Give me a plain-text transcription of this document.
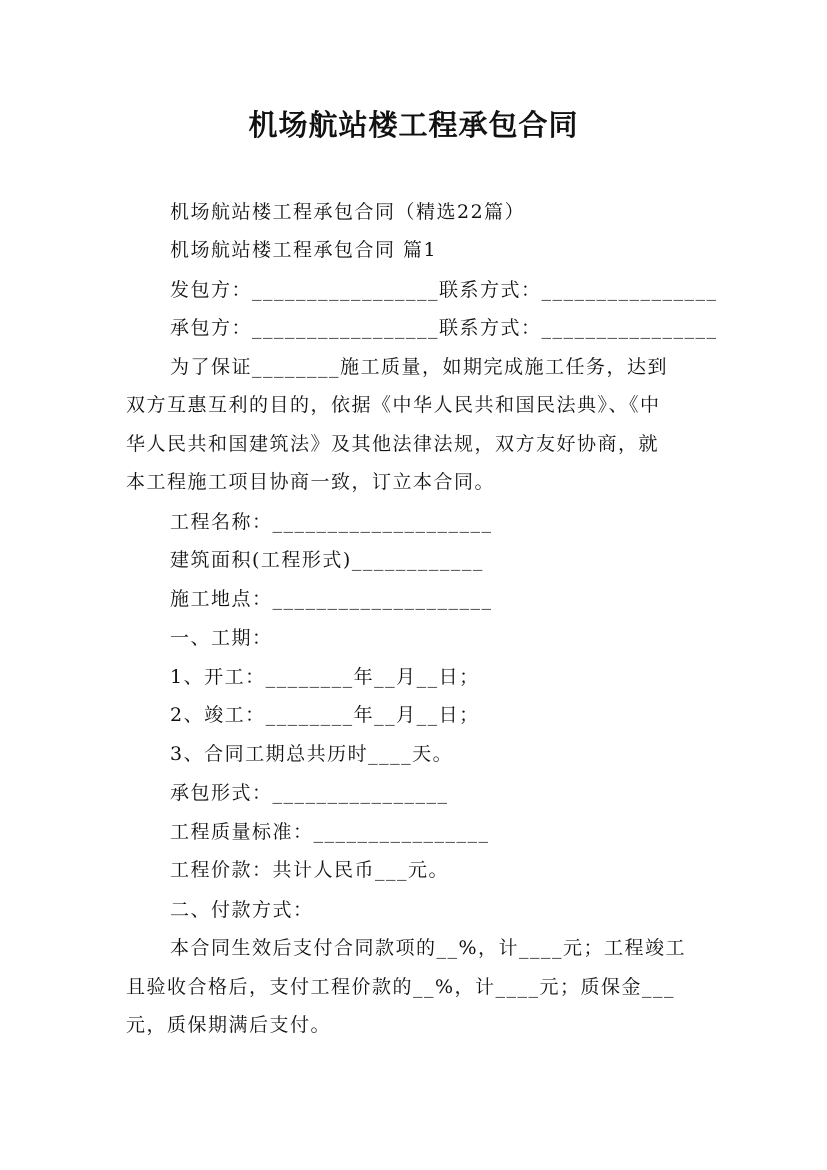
机场航站楼工程承包合同
机场航站楼工程承包合同（精选22篇）
机场航站楼工程承包合同 篇1
发包方：_________________联系方式：________________
承包方：_________________联系方式：________________
为了保证________施工质量，如期完成施工任务，达到
双方互惠互利的目的，依据《中华人民共和国民法典》、《中
华人民共和国建筑法》及其他法律法规，双方友好协商，就
本工程施工项目协商一致，订立本合同。
工程名称：____________________
建筑面积(工程形式)____________
施工地点：____________________
一、工期：
1、开工：________年__月__日；
2、竣工：________年__月__日；
3、合同工期总共历时____天。
承包形式：________________
工程质量标准：________________
工程价款：共计人民币___元。
二、付款方式：
本合同生效后支付合同款项的__%，计____元；工程竣工
且验收合格后，支付工程价款的__%，计____元；质保金___
元，质保期满后支付。
